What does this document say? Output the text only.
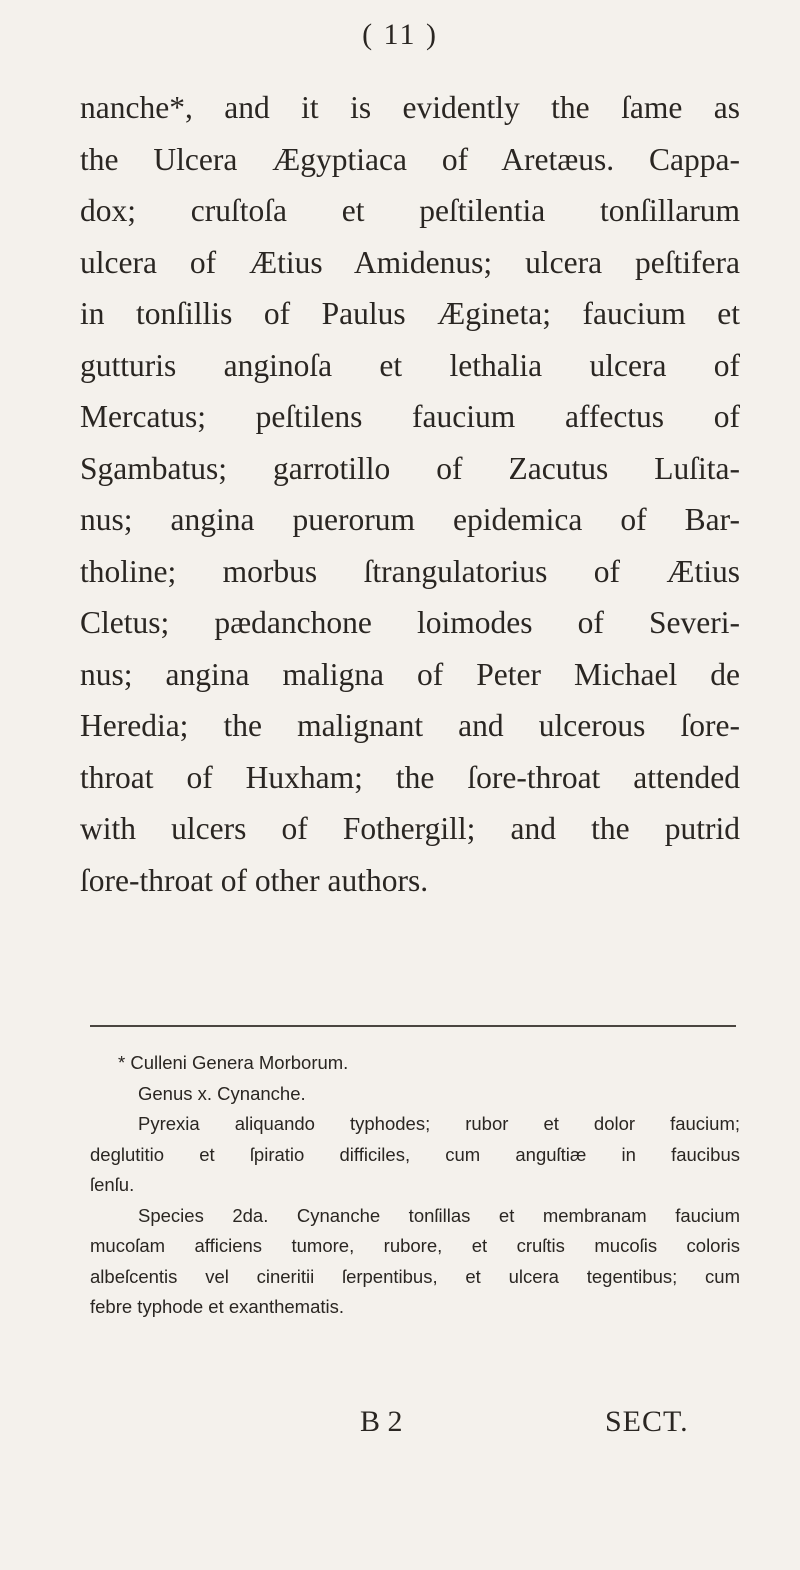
( 11 )
nanche*, and it is evidently the ſame as
the Ulcera Ægyptiaca of Aretæus. Cappa-
dox; cruſtoſa et peſtilentia tonſillarum
ulcera of Ætius Amidenus; ulcera peſtifera
in tonſillis of Paulus Ægineta; faucium et
gutturis anginoſa et lethalia ulcera of
Mercatus; peſtilens faucium affectus of
Sgambatus; garrotillo of Zacutus Luſita-
nus; angina puerorum epidemica of Bar-
tholine; morbus ſtrangulatorius of Ætius
Cletus; pædanchone loimodes of Severi-
nus; angina maligna of Peter Michael de
Heredia; the malignant and ulcerous ſore-
throat of Huxham; the ſore-throat attended
with ulcers of Fothergill; and the putrid
ſore-throat of other authors.
* Culleni Genera Morborum.
Genus x. Cynanche.
Pyrexia aliquando typhodes; rubor et dolor faucium;
deglutitio et ſpiratio difficiles, cum anguſtiæ in faucibus
ſenſu.
Species 2da. Cynanche tonſillas et membranam faucium
mucoſam afficiens tumore, rubore, et cruſtis mucoſis coloris
albeſcentis vel cineritii ſerpentibus, et ulcera tegentibus; cum
febre typhode et exanthematis.
B 2	SECT.
